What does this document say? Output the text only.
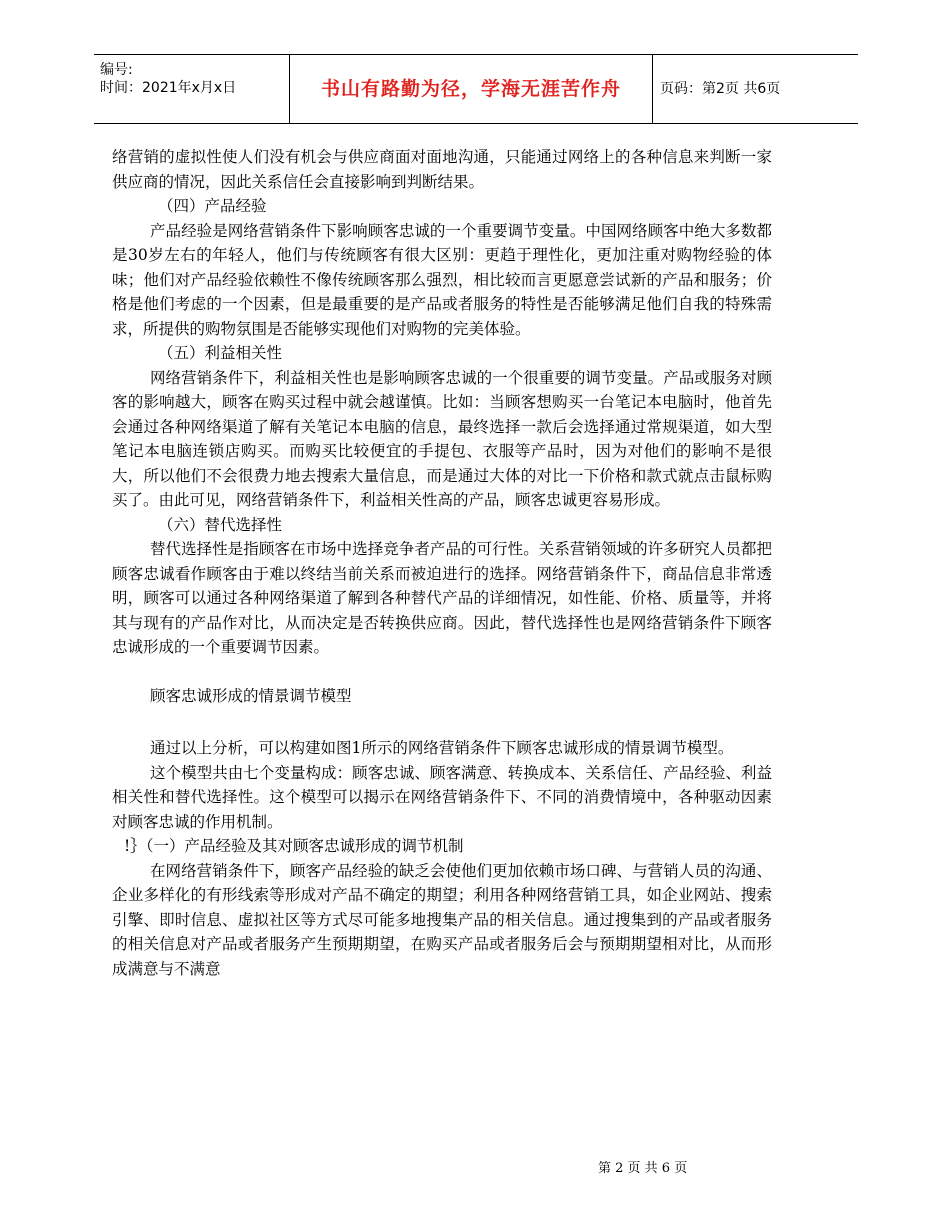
编号:
时间：2021年x月x日	书山有路勤为径，学海无涯苦作舟	页码：第2页 共6页

络营销的虚拟性使人们没有机会与供应商面对面地沟通，只能通过网络上的各种信息来判断一家供应商的情况，因此关系信任会直接影响到判断结果。

（四）产品经验

产品经验是网络营销条件下影响顾客忠诚的一个重要调节变量。中国网络顾客中绝大多数都是30岁左右的年轻人，他们与传统顾客有很大区别：更趋于理性化，更加注重对购物经验的体味；他们对产品经验依赖性不像传统顾客那么强烈，相比较而言更愿意尝试新的产品和服务；价格是他们考虑的一个因素，但是最重要的是产品或者服务的特性是否能够满足他们自我的特殊需求，所提供的购物氛围是否能够实现他们对购物的完美体验。

（五）利益相关性

网络营销条件下，利益相关性也是影响顾客忠诚的一个很重要的调节变量。产品或服务对顾客的影响越大，顾客在购买过程中就会越谨慎。比如：当顾客想购买一台笔记本电脑时，他首先会通过各种网络渠道了解有关笔记本电脑的信息，最终选择一款后会选择通过常规渠道，如大型笔记本电脑连锁店购买。而购买比较便宜的手提包、衣服等产品时，因为对他们的影响不是很大，所以他们不会很费力地去搜索大量信息，而是通过大体的对比一下价格和款式就点击鼠标购买了。由此可见，网络营销条件下，利益相关性高的产品，顾客忠诚更容易形成。

（六）替代选择性

替代选择性是指顾客在市场中选择竞争者产品的可行性。关系营销领域的许多研究人员都把顾客忠诚看作顾客由于难以终结当前关系而被迫进行的选择。网络营销条件下，商品信息非常透明，顾客可以通过各种网络渠道了解到各种替代产品的详细情况，如性能、价格、质量等，并将其与现有的产品作对比，从而决定是否转换供应商。因此，替代选择性也是网络营销条件下顾客忠诚形成的一个重要调节因素。

顾客忠诚形成的情景调节模型

通过以上分析，可以构建如图1所示的网络营销条件下顾客忠诚形成的情景调节模型。

这个模型共由七个变量构成：顾客忠诚、顾客满意、转换成本、关系信任、产品经验、利益相关性和替代选择性。这个模型可以揭示在网络营销条件下、不同的消费情境中，各种驱动因素对顾客忠诚的作用机制。

!｝（一）产品经验及其对顾客忠诚形成的调节机制

在网络营销条件下，顾客产品经验的缺乏会使他们更加依赖市场口碑、与营销人员的沟通、企业多样化的有形线索等形成对产品不确定的期望；利用各种网络营销工具，如企业网站、搜索引擎、即时信息、虚拟社区等方式尽可能多地搜集产品的相关信息。通过搜集到的产品或者服务的相关信息对产品或者服务产生预期期望，在购买产品或者服务后会与预期期望相对比，从而形成满意与不满意

第 2 页 共 6 页
